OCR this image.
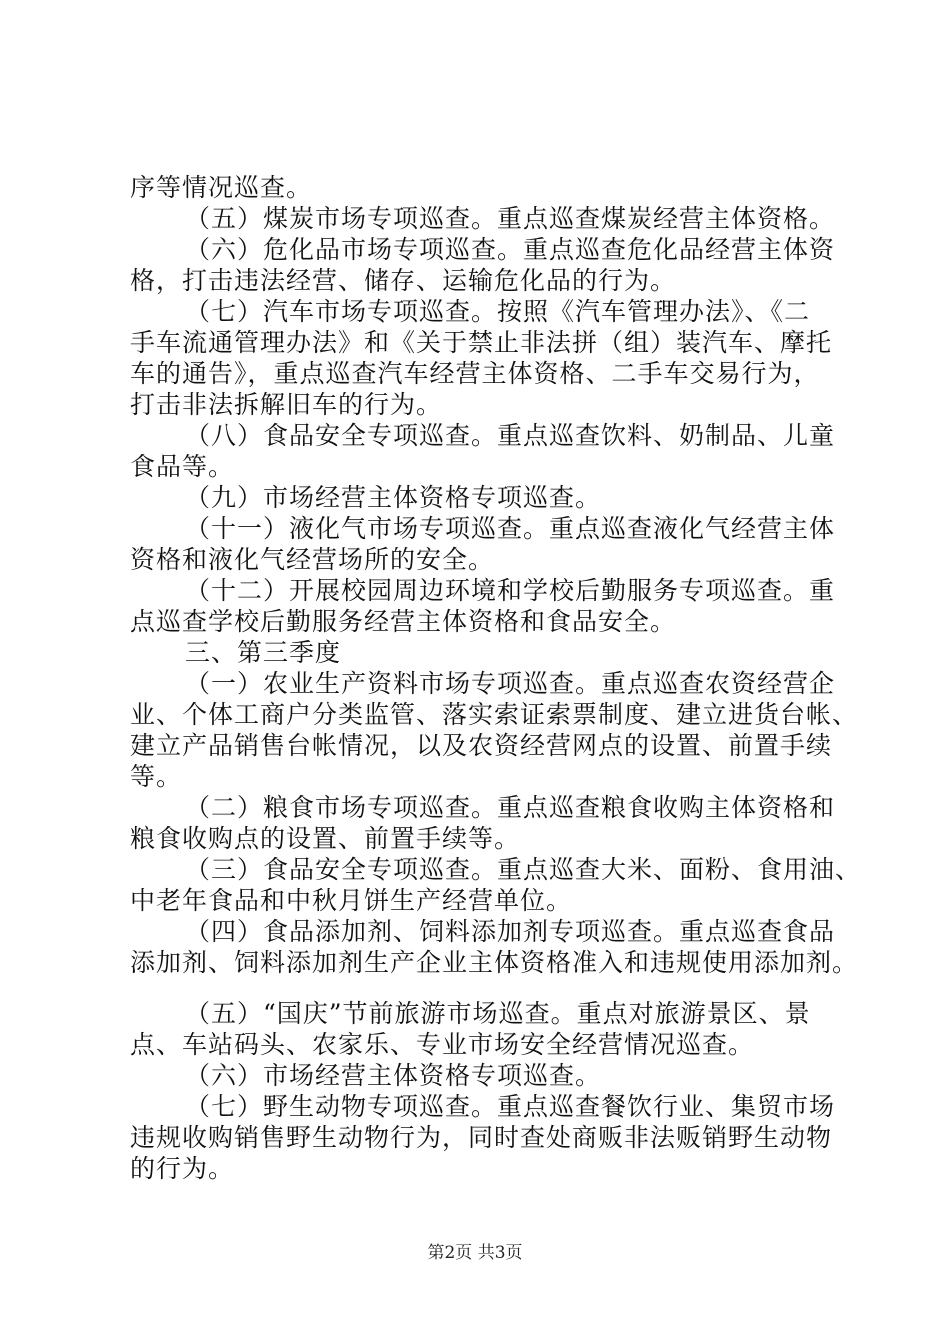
序等情况巡查。
（五）煤炭市场专项巡查。重点巡查煤炭经营主体资格。
（六）危化品市场专项巡查。重点巡查危化品经营主体资
格，打击违法经营、储存、运输危化品的行为。
（七）汽车市场专项巡查。按照《汽车管理办法》、《二
手车流通管理办法》和《关于禁止非法拼（组）装汽车、摩托
车的通告》，重点巡查汽车经营主体资格、二手车交易行为，
打击非法拆解旧车的行为。
（八）食品安全专项巡查。重点巡查饮料、奶制品、儿童
食品等。
（九）市场经营主体资格专项巡查。
（十一）液化气市场专项巡查。重点巡查液化气经营主体
资格和液化气经营场所的安全。
（十二）开展校园周边环境和学校后勤服务专项巡查。重
点巡查学校后勤服务经营主体资格和食品安全。
三、第三季度
（一）农业生产资料市场专项巡查。重点巡查农资经营企
业、个体工商户分类监管、落实索证索票制度、建立进货台帐、
建立产品销售台帐情况，以及农资经营网点的设置、前置手续
等。
（二）粮食市场专项巡查。重点巡查粮食收购主体资格和
粮食收购点的设置、前置手续等。
（三）食品安全专项巡查。重点巡查大米、面粉、食用油、
中老年食品和中秋月饼生产经营单位。
（四）食品添加剂、饲料添加剂专项巡查。重点巡查食品
添加剂、饲料添加剂生产企业主体资格准入和违规使用添加剂。
（五）“国庆”节前旅游市场巡查。重点对旅游景区、景
点、车站码头、农家乐、专业市场安全经营情况巡查。
（六）市场经营主体资格专项巡查。
（七）野生动物专项巡查。重点巡查餐饮行业、集贸市场
违规收购销售野生动物行为，同时查处商贩非法贩销野生动物
的行为。
第2页 共3页
